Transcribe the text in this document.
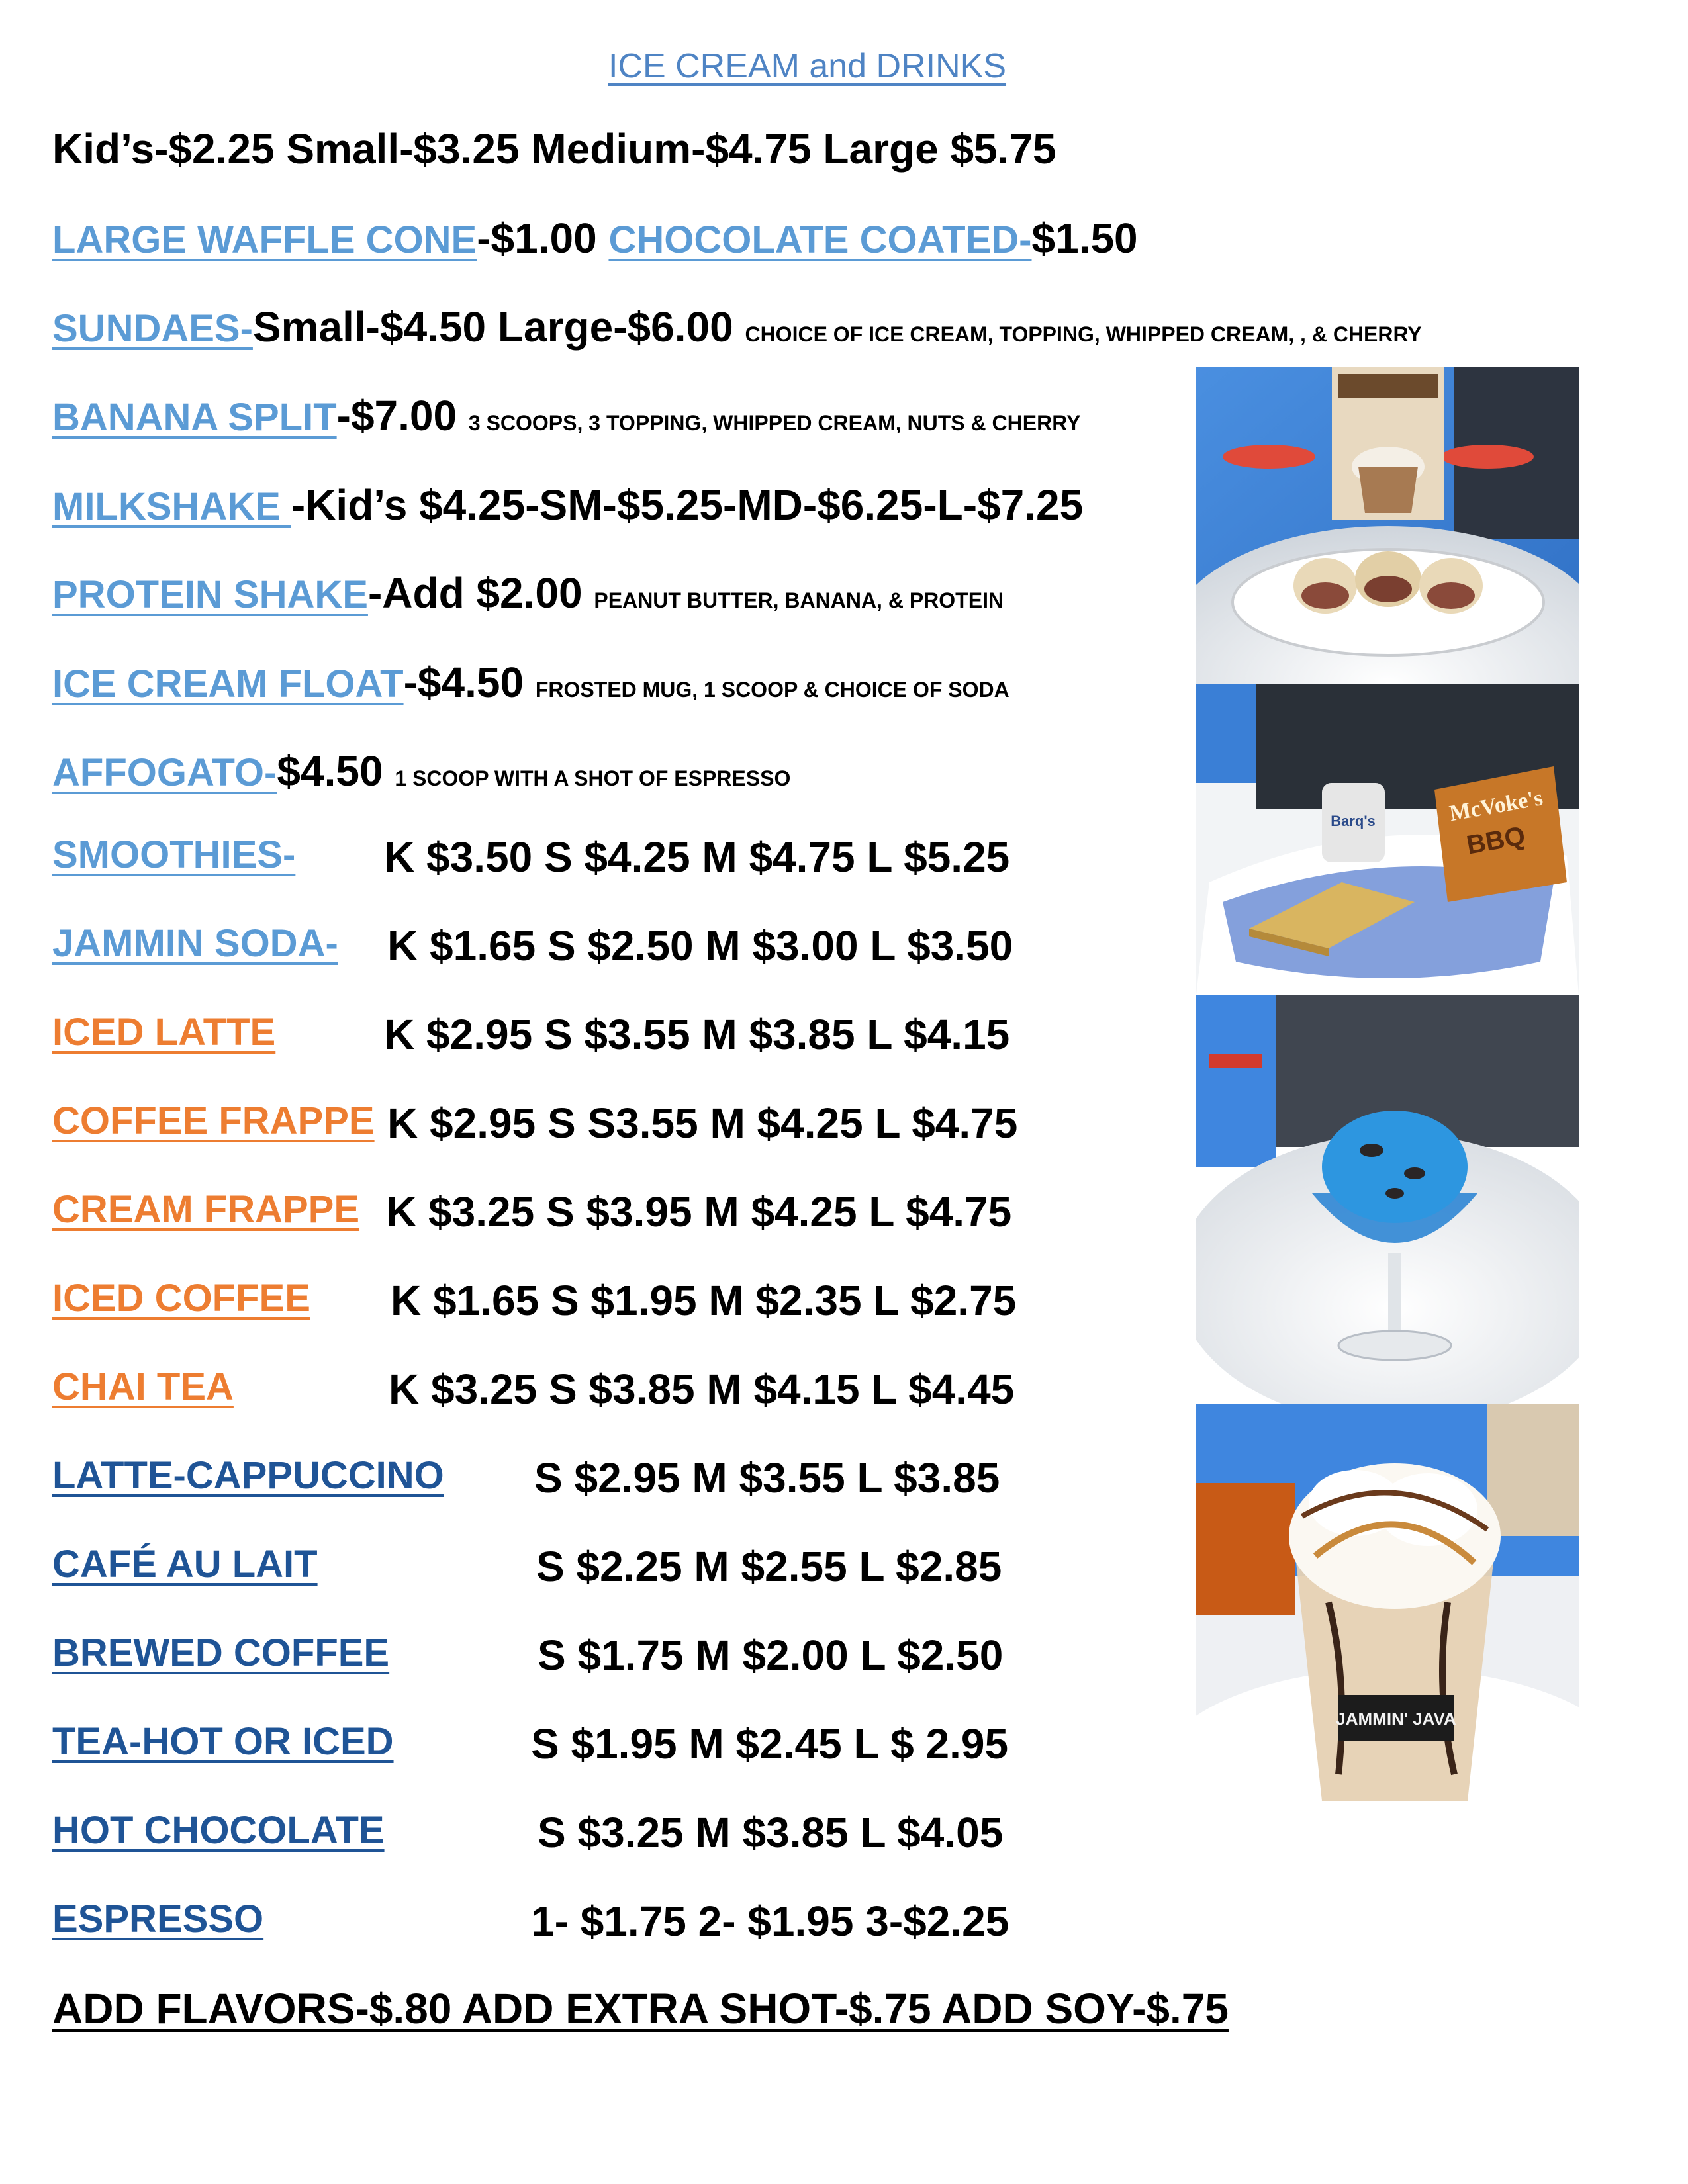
ICE CREAM and DRINKS
Kid’s-$2.25 Small-$3.25 Medium-$4.75 Large $5.75
LARGE WAFFLE CONE-$1.00 CHOCOLATE COATED-$1.50
SUNDAES-Small-$4.50 Large-$6.00 CHOICE OF ICE CREAM, TOPPING, WHIPPED CREAM, , & CHERRY
BANANA SPLIT-$7.00 3 SCOOPS, 3 TOPPING, WHIPPED CREAM, NUTS & CHERRY
MILKSHAKE -Kid’s $4.25-SM-$5.25-MD-$6.25-L-$7.25
PROTEIN SHAKE-Add $2.00 PEANUT BUTTER, BANANA, & PROTEIN
ICE CREAM FLOAT-$4.50 FROSTED MUG, 1 SCOOP & CHOICE OF SODA
AFFOGATO-$4.50 1 SCOOP WITH A SHOT OF ESPRESSO
SMOOTHIES- K $3.50 S $4.25 M $4.75 L $5.25
JAMMIN SODA- K $1.65 S $2.50 M $3.00 L $3.50
ICED LATTE	K $2.95 S $3.55 M $3.85 L $4.15
COFFEE FRAPPE K $2.95 S S3.55 M $4.25 L $4.75
CREAM FRAPPE K $3.25 S $3.95 M $4.25 L $4.75
ICED COFFEE K $1.65 S $1.95 M $2.35 L $2.75
CHAI TEA	K $3.25 S $3.85 M $4.15 L $4.45
LATTE-CAPPUCCINO S $2.95 M $3.55 L $3.85
CAFÉ AU LAIT	S $2.25 M $2.55 L $2.85
BREWED COFFEE	S $1.75 M $2.00 L $2.50
TEA-HOT OR ICED	S $1.95 M $2.45 L $ 2.95
HOT CHOCOLATE	S $3.25 M $3.85 L $4.05
ESPRESSO	1- $1.75 2- $1.95 3-$2.25
ADD FLAVORS-$.80 ADD EXTRA SHOT-$.75 ADD SOY-$.75
Barq's	McVoke's
BBQ
JAMMIN' JAVA
